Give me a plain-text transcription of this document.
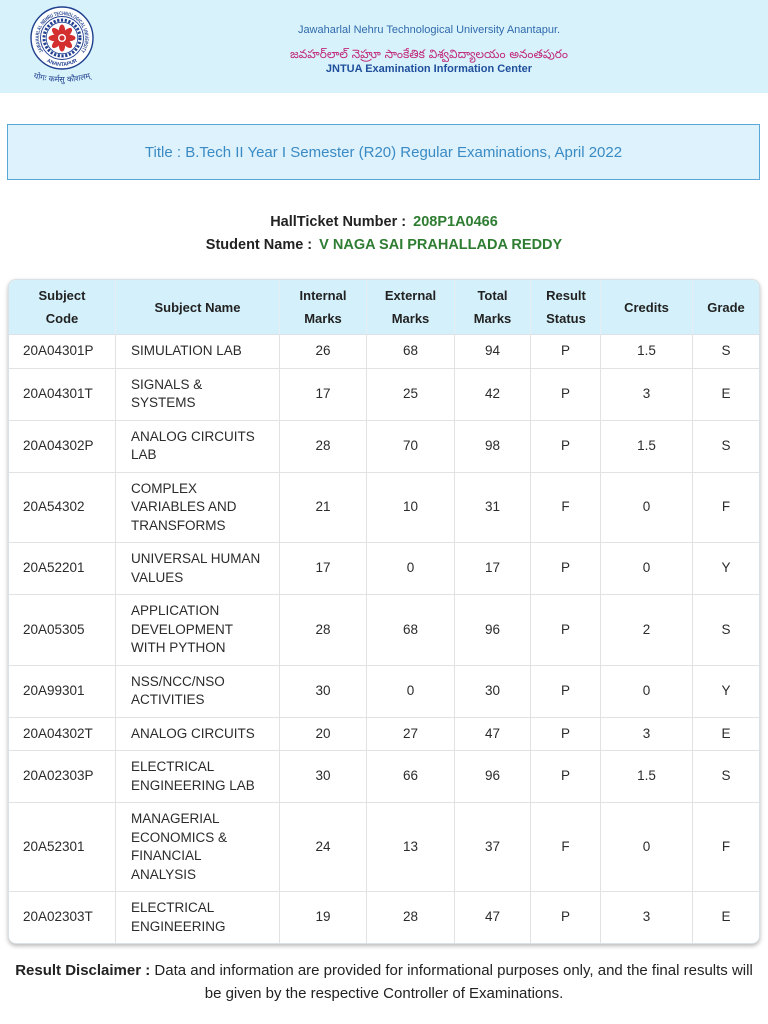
JAWAHARLAL NEHRU TECHNOLOGICAL UNIVERSITY
ANANTAPUR
योगः कर्मसु कौशलम्
Jawaharlal Nehru Technological University Anantapur.
జవహర్‌లాల్ నెహ్రూ సాంకేతిక విశ్వవిద్యాలయం అనంతపురం
JNTUA Examination Information Center
Title : B.Tech II Year I Semester (R20) Regular Examinations, April 2022
HallTicket Number : 208P1A0466
Student Name : V NAGA SAI PRAHALLADA REDDY
Subject Code	Subject Name	Internal Marks	External Marks	Total Marks	Result Status	Credits	Grade
20A04301P	SIMULATION LAB	26	68	94	P	1.5	S
20A04301T	SIGNALS & SYSTEMS	17	25	42	P	3	E
20A04302P	ANALOG CIRCUITS LAB	28	70	98	P	1.5	S
20A54302	COMPLEX VARIABLES AND TRANSFORMS	21	10	31	F	0	F
20A52201	UNIVERSAL HUMAN VALUES	17	0	17	P	0	Y
20A05305	APPLICATION DEVELOPMENT WITH PYTHON	28	68	96	P	2	S
20A99301	NSS/NCC/NSO ACTIVITIES	30	0	30	P	0	Y
20A04302T	ANALOG CIRCUITS	20	27	47	P	3	E
20A02303P	ELECTRICAL ENGINEERING LAB	30	66	96	P	1.5	S
20A52301	MANAGERIAL ECONOMICS & FINANCIAL ANALYSIS	24	13	37	F	0	F
20A02303T	ELECTRICAL ENGINEERING	19	28	47	P	3	E

Result Disclaimer : Data and information are provided for informational purposes only, and the final results will be given by the respective Controller of Examinations.
